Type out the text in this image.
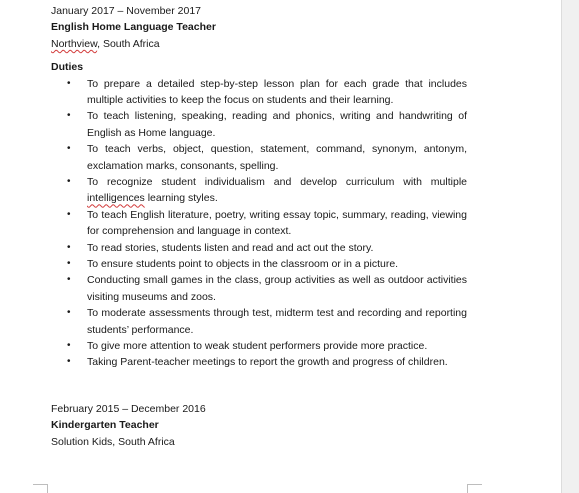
January 2017 – November 2017
English Home Language Teacher
Northview, South Africa
Duties
• To prepare a detailed step-by-step lesson plan for each grade that includes multiple activities to keep the focus on students and their learning.
• To teach listening, speaking, reading and phonics, writing and handwriting of English as Home language.
• To teach verbs, object, question, statement, command, synonym, antonym, exclamation marks, consonants, spelling.
• To recognize student individualism and develop curriculum with multiple intelligences learning styles.
• To teach English literature, poetry, writing essay topic, summary, reading, viewing for comprehension and language in context.
• To read stories, students listen and read and act out the story.
• To ensure students point to objects in the classroom or in a picture.
• Conducting small games in the class, group activities as well as outdoor activities visiting museums and zoos.
• To moderate assessments through test, midterm test and recording and reporting students’ performance.
• To give more attention to weak student performers provide more practice.
• Taking Parent-teacher meetings to report the growth and progress of children.
February 2015 – December 2016
Kindergarten Teacher
Solution Kids, South Africa
